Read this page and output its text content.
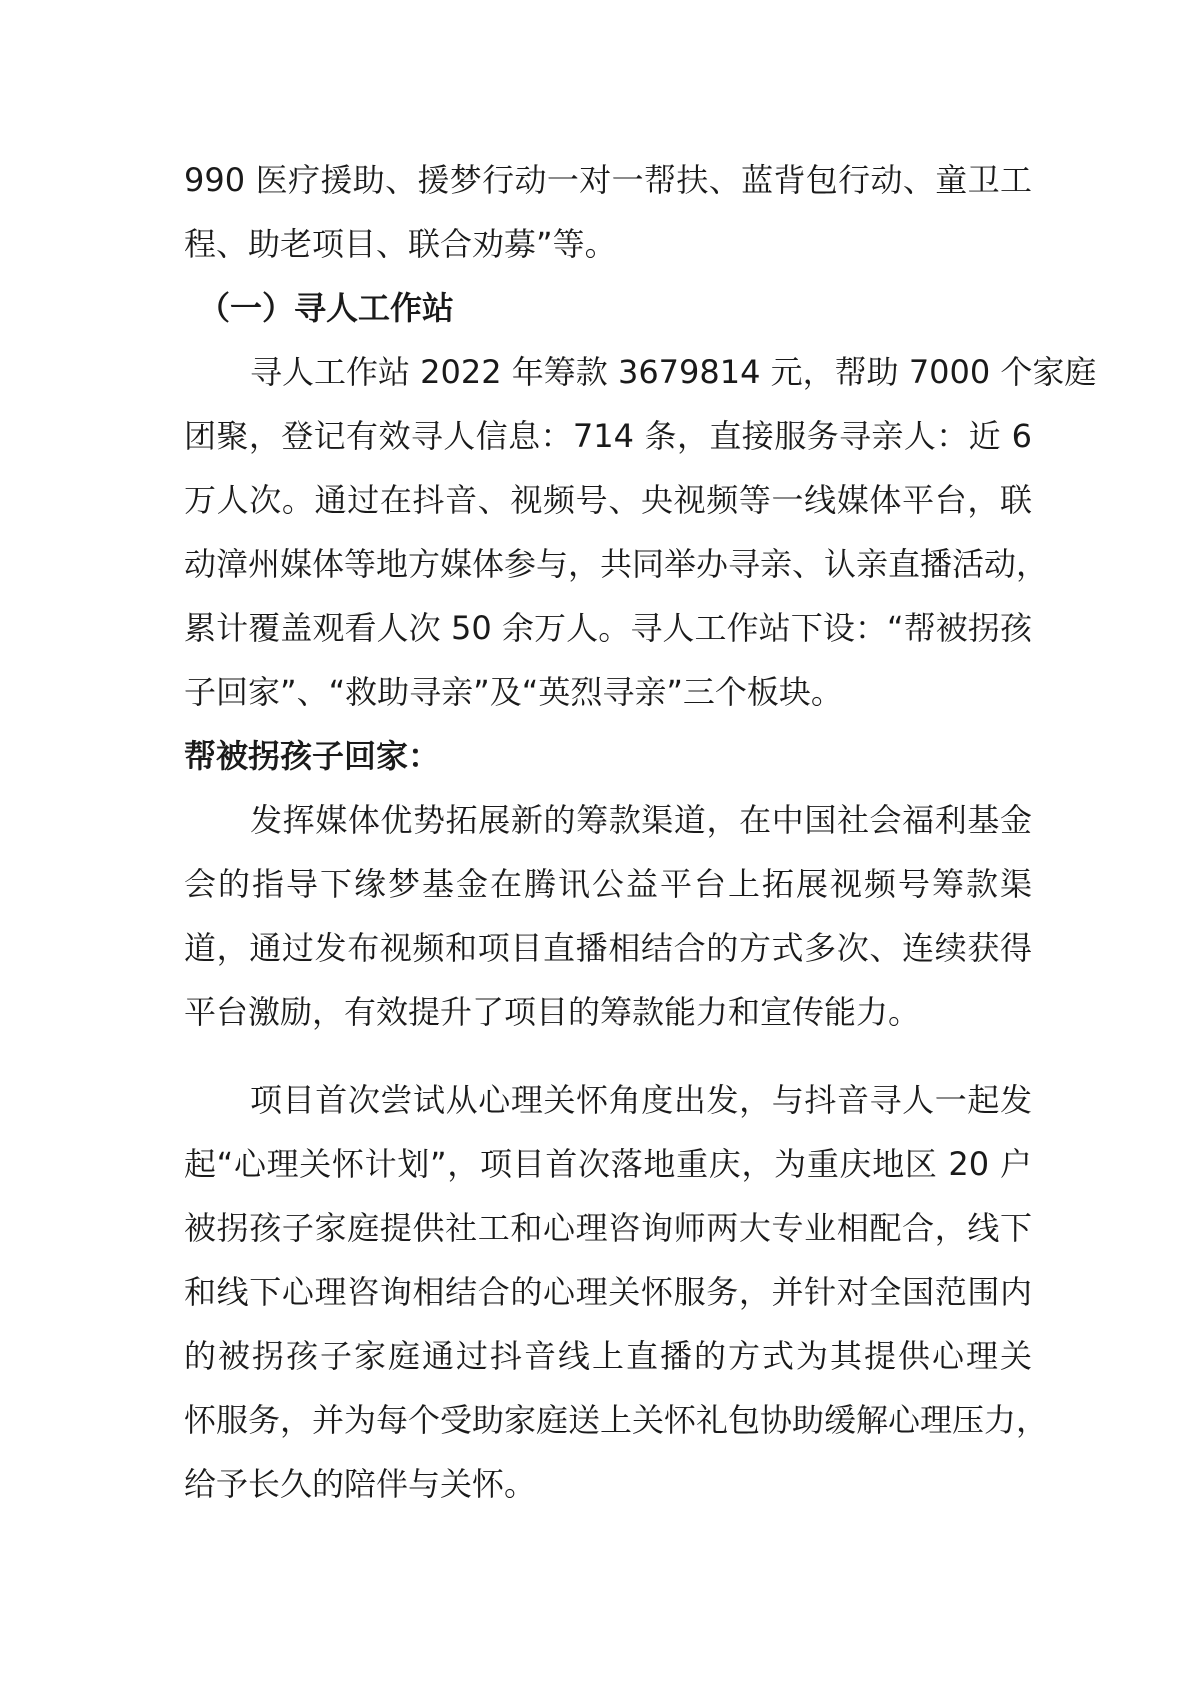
990 医疗援助、援梦行动一对一帮扶、蓝背包行动、童卫工
程、助老项目、联合劝募”等。
（一）寻人工作站
寻人工作站 2022 年筹款 3679814 元，帮助 7000 个家庭
团聚，登记有效寻人信息：714 条，直接服务寻亲人：近 6
万人次。通过在抖音、视频号、央视频等一线媒体平台，联
动漳州媒体等地方媒体参与，共同举办寻亲、认亲直播活动，
累计覆盖观看人次 50 余万人。寻人工作站下设：“帮被拐孩
子回家”、“救助寻亲”及“英烈寻亲”三个板块。
帮被拐孩子回家：
发挥媒体优势拓展新的筹款渠道，在中国社会福利基金
会的指导下缘梦基金在腾讯公益平台上拓展视频号筹款渠
道，通过发布视频和项目直播相结合的方式多次、连续获得
平台激励，有效提升了项目的筹款能力和宣传能力。
项目首次尝试从心理关怀角度出发，与抖音寻人一起发
起“心理关怀计划”，项目首次落地重庆，为重庆地区 20 户
被拐孩子家庭提供社工和心理咨询师两大专业相配合，线下
和线下心理咨询相结合的心理关怀服务，并针对全国范围内
的被拐孩子家庭通过抖音线上直播的方式为其提供心理关
怀服务，并为每个受助家庭送上关怀礼包协助缓解心理压力，
给予长久的陪伴与关怀。
